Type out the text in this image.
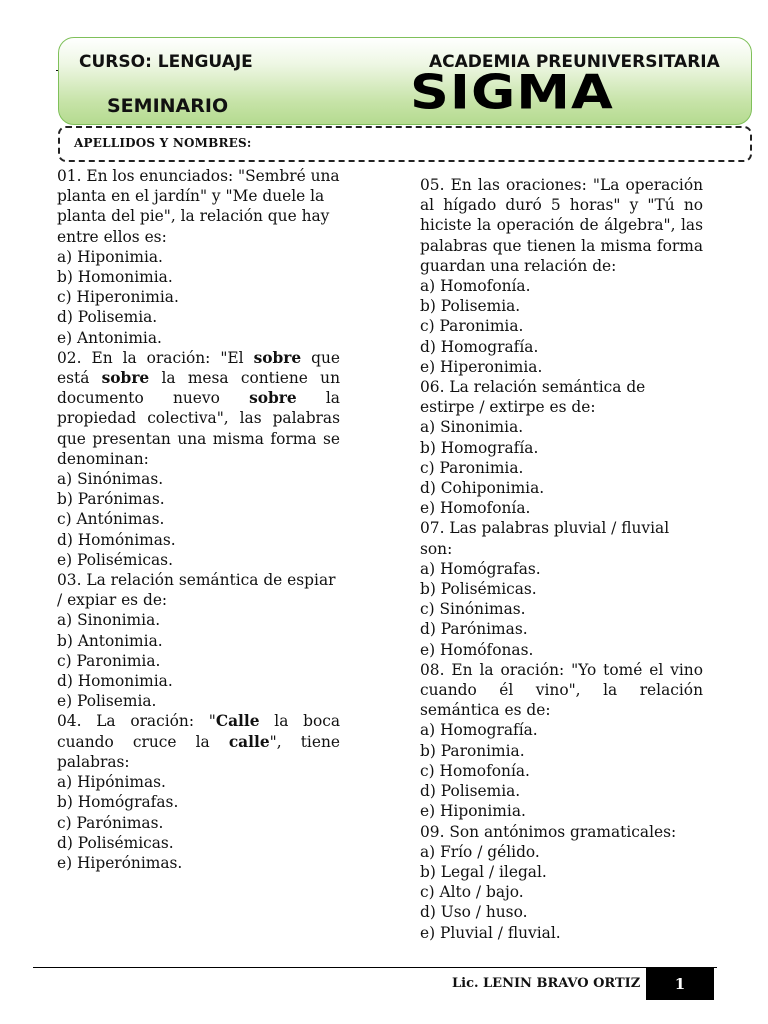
CURSO: LENGUAJE
SEMINARIO
ACADEMIA PREUNIVERSITARIA
SIGMA
APELLIDOS Y NOMBRES:

01. En los enunciados: "Sembré una planta en el jardín" y "Me duele la planta del pie", la relación que hay entre ellos es:

a) Hiponimia.

b) Homonimia.

c) Hiperonimia.

d) Polisemia.

e) Antonimia.

02. En la oración: "El sobre que está sobre la mesa contiene un documento nuevo sobre la propiedad colectiva", las palabras que presentan una misma forma se denominan:

a) Sinónimas.

b) Parónimas.

c) Antónimas.

d) Homónimas.

e) Polisémicas.

03. La relación semántica de espiar / expiar es de:

a) Sinonimia.

b) Antonimia.

c) Paronimia.

d) Homonimia.

e) Polisemia.

04. La oración: "Calle la boca cuando cruce la calle", tiene palabras:

a) Hipónimas.

b) Homógrafas.

c) Parónimas.

d) Polisémicas.

e) Hiperónimas.

05. En las oraciones: "La operación al hígado duró 5 horas" y "Tú no hiciste la operación de álgebra", las palabras que tienen la misma forma guardan una relación de:

a) Homofonía.

b) Polisemia.

c) Paronimia.

d) Homografía.

e) Hiperonimia.

06. La relación semántica de estirpe / extirpe es de:

a) Sinonimia.

b) Homografía.

c) Paronimia.

d) Cohiponimia.

e) Homofonía.

07. Las palabras pluvial / fluvial son:

a) Homógrafas.

b) Polisémicas.

c) Sinónimas.

d) Parónimas.

e) Homófonas.

08. En la oración: "Yo tomé el vino cuando él vino", la relación semántica es de:

a) Homografía.

b) Paronimia.

c) Homofonía.

d) Polisemia.

e) Hiponimia.

09. Son antónimos gramaticales:

a) Frío / gélido.

b) Legal / ilegal.

c) Alto / bajo.

d) Uso / huso.

e) Pluvial / fluvial.

Lic. LENIN BRAVO ORTIZ	1
